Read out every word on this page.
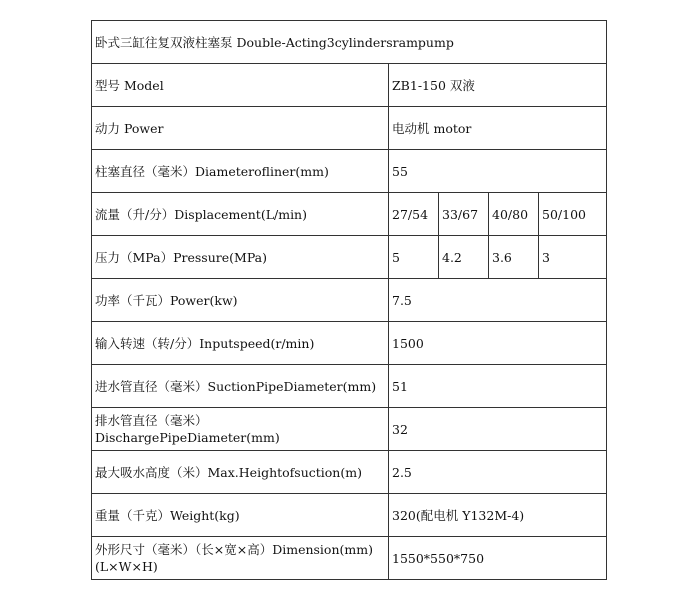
卧式三缸往复双液柱塞泵 Double-Acting3cylindersrampump				
型号 Model	ZB1-150 双液			
动力 Power	电动机 motor			
柱塞直径（毫米）Diameterofliner(mm)	55			
流量（升/分）Displacement(L/min)	27/54	33/67	40/80	50/100
压力（MPa）Pressure(MPa)	5	4.2	3.6	3
功率（千瓦）Power(kw)	7.5			
输入转速（转/分）Inputspeed(r/min)	1500			
进水管直径（毫米）SuctionPipeDiameter(mm)	51			
排水管直径（毫米）DischargePipeDiameter(mm)	32			
最大吸水高度（米）Max.Heightofsuction(m)	2.5			
重量（千克）Weight(kg)	320(配电机 Y132M-4)			
外形尺寸（毫米）（长×宽×高）Dimension(mm)(L×W×H)	1550*550*750			
